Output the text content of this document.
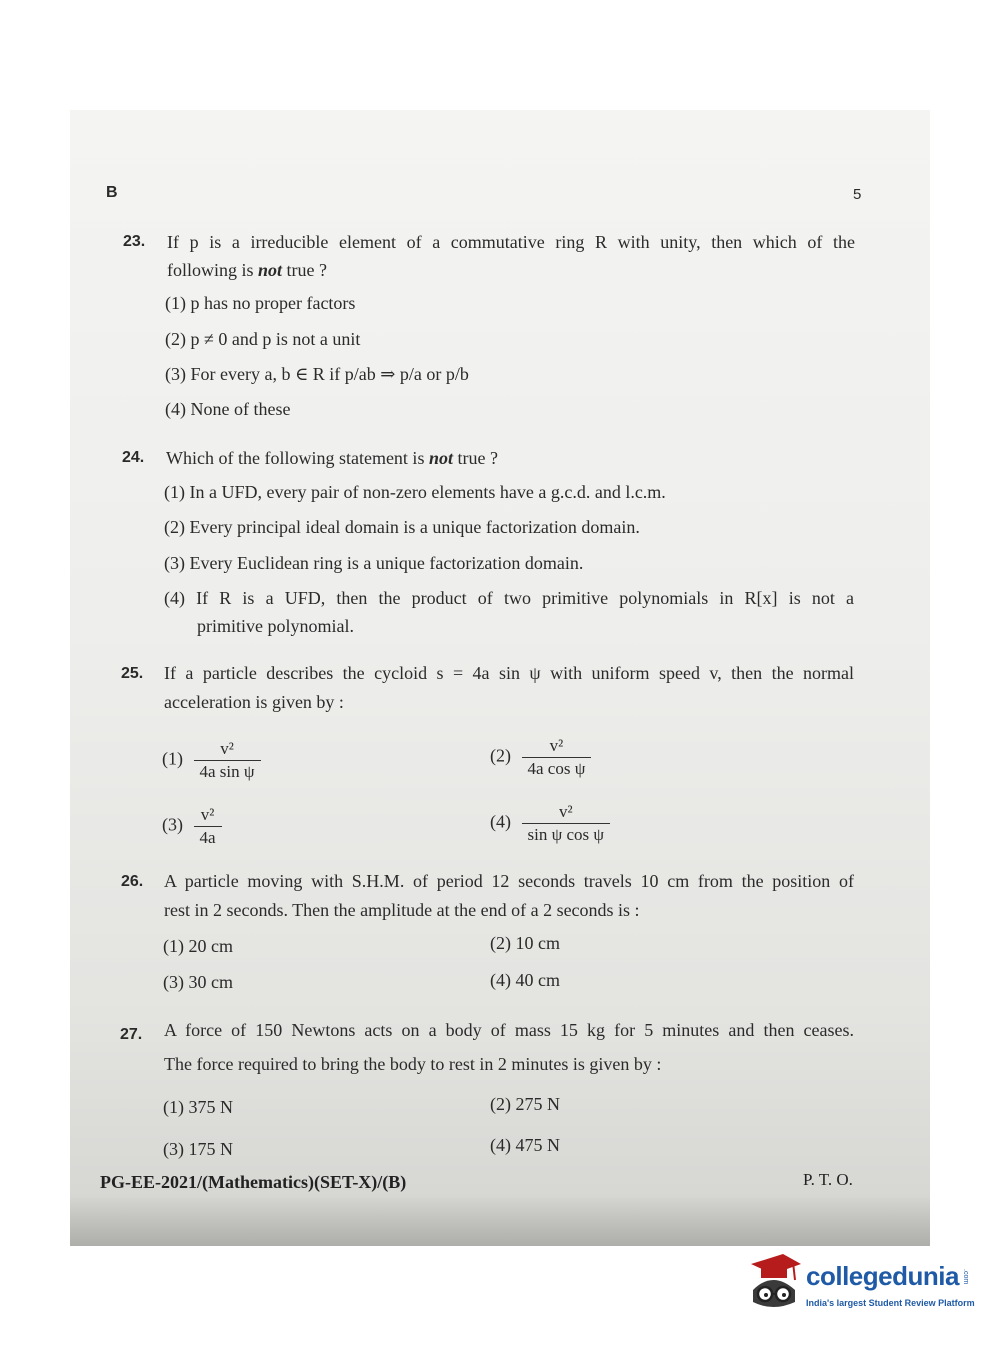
B	5
23. If p is a irreducible element of a commutative ring R with unity, then which of the
following is not true ?
(1) p has no proper factors
(2) p ≠ 0 and p is not a unit
(3) For every a, b ∈ R if p/ab ⇒ p/a or p/b
(4) None of these
24. Which of the following statement is not true ?
(1) In a UFD, every pair of non-zero elements have a g.c.d. and l.c.m.
(2) Every principal ideal domain is a unique factorization domain.
(3) Every Euclidean ring is a unique factorization domain.
(4) If R is a UFD, then the product of two primitive polynomials in R[x] is not a
primitive polynomial.
25. If a particle describes the cycloid s = 4a sin ψ with uniform speed v, then the normal
acceleration is given by :
$(1) \frac{\text{v²}}{\text{4a sin ψ}}$	$(2) \frac{\text{v²}}{\text{4a cos ψ}}$
$(3) \frac{\text{v²}}{4a}$	$(4) \frac{\text{v²}}{\text{sin ψ cos ψ}}$
26. A particle moving with S.H.M. of period 12 seconds travels 10 cm from the position of
rest in 2 seconds. Then the amplitude at the end of a 2 seconds is :
(1) 20 cm	(2) 10 cm
(3) 30 cm	(4) 40 cm
27. A force of 150 Newtons acts on a body of mass 15 kg for 5 minutes and then ceases.
The force required to bring the body to rest in 2 minutes is given by :
(1) 375 N	(2) 275 N
(3) 175 N	(4) 475 N
PG-EE-2021/(Mathematics)(SET-X)/(B)	P. T. O.
collegedunia .com
India's largest Student Review Platform
